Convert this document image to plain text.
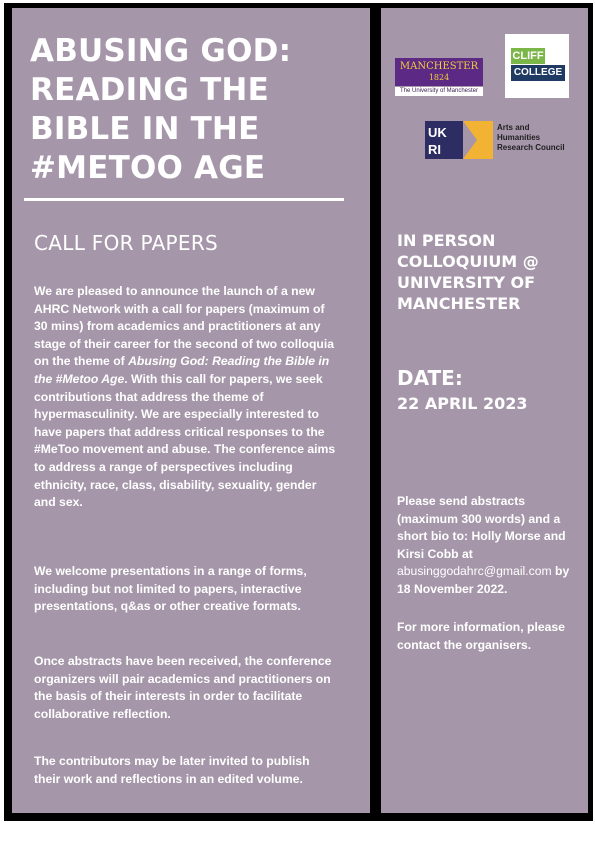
ABUSING GOD:
READING THE
BIBLE IN THE
#METOO AGE
CALL FOR PAPERS

We are pleased to announce the launch of a new AHRC Network with a call for papers (maximum of 30 mins) from academics and practitioners at any stage of their career for the second of two colloquia on the theme of Abusing God: Reading the Bible in the #Metoo Age. With this call for papers, we seek contributions that address the theme of hypermasculinity. We are especially interested to have papers that address critical responses to the #MeToo movement and abuse. The conference aims to address a range of perspectives including ethnicity, race, class, disability, sexuality, gender and sex.

We welcome presentations in a range of forms, including but not limited to papers, interactive presentations, q&as or other creative formats.

Once abstracts have been received, the conference organizers will pair academics and practitioners on the basis of their interests in order to facilitate collaborative reflection.

The contributors may be later invited to publish their work and reflections in an edited volume.

MANCHESTER
1824
The University of Manchester
CLIFF
COLLEGE
UK
RI
Arts and
Humanities
Research Council
IN PERSON
COLLOQUIUM @
UNIVERSITY OF
MANCHESTER
DATE:
22 APRIL 2023

Please send abstracts (maximum 300 words) and a short bio to: Holly Morse and Kirsi Cobb at abusinggodahrc@gmail.com by 18 November 2022.

For more information, please contact the organisers.
